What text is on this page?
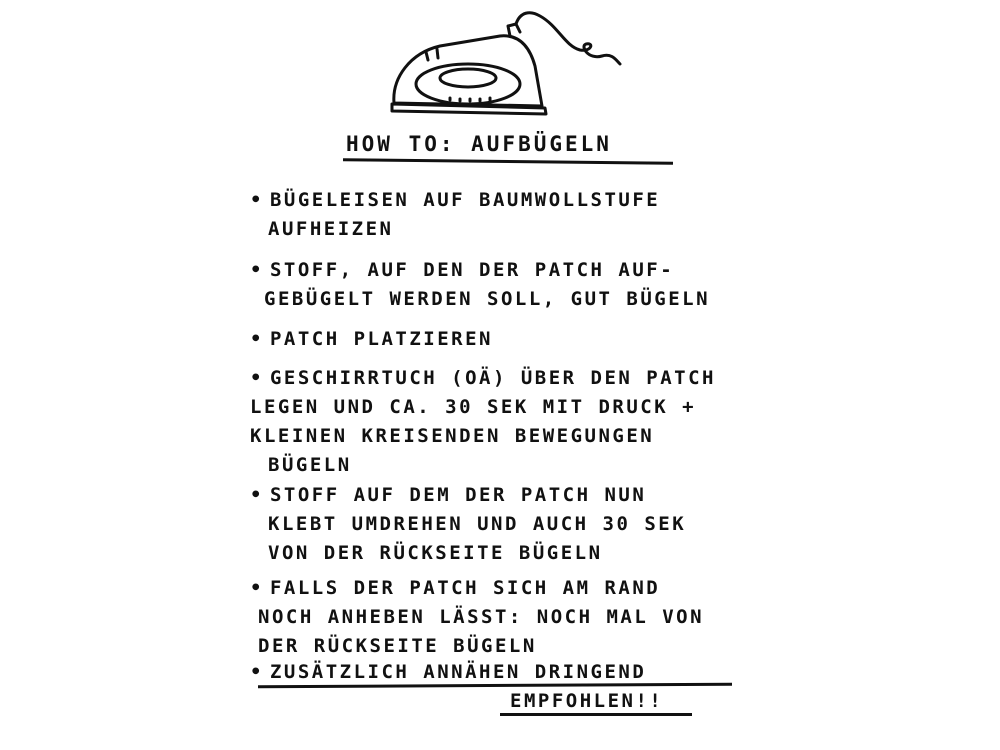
HOW TO: AUFBÜGELN
• BÜGELEISEN AUF BAUMWOLLSTUFE
AUFHEIZEN
• STOFF, AUF DEN DER PATCH AUF-
GEBÜGELT WERDEN SOLL, GUT BÜGELN
• PATCH PLATZIEREN
• GESCHIRRTUCH (OÄ) ÜBER DEN PATCH
LEGEN UND CA. 30 SEK MIT DRUCK +
KLEINEN KREISENDEN BEWEGUNGEN
BÜGELN
• STOFF AUF DEM DER PATCH NUN
KLEBT UMDREHEN UND AUCH 30 SEK
VON DER RÜCKSEITE BÜGELN
• FALLS DER PATCH SICH AM RAND
NOCH ANHEBEN LÄSST: NOCH MAL VON
DER RÜCKSEITE BÜGELN
• ZUSÄTZLICH ANNÄHEN DRINGEND
EMPFOHLEN!!
